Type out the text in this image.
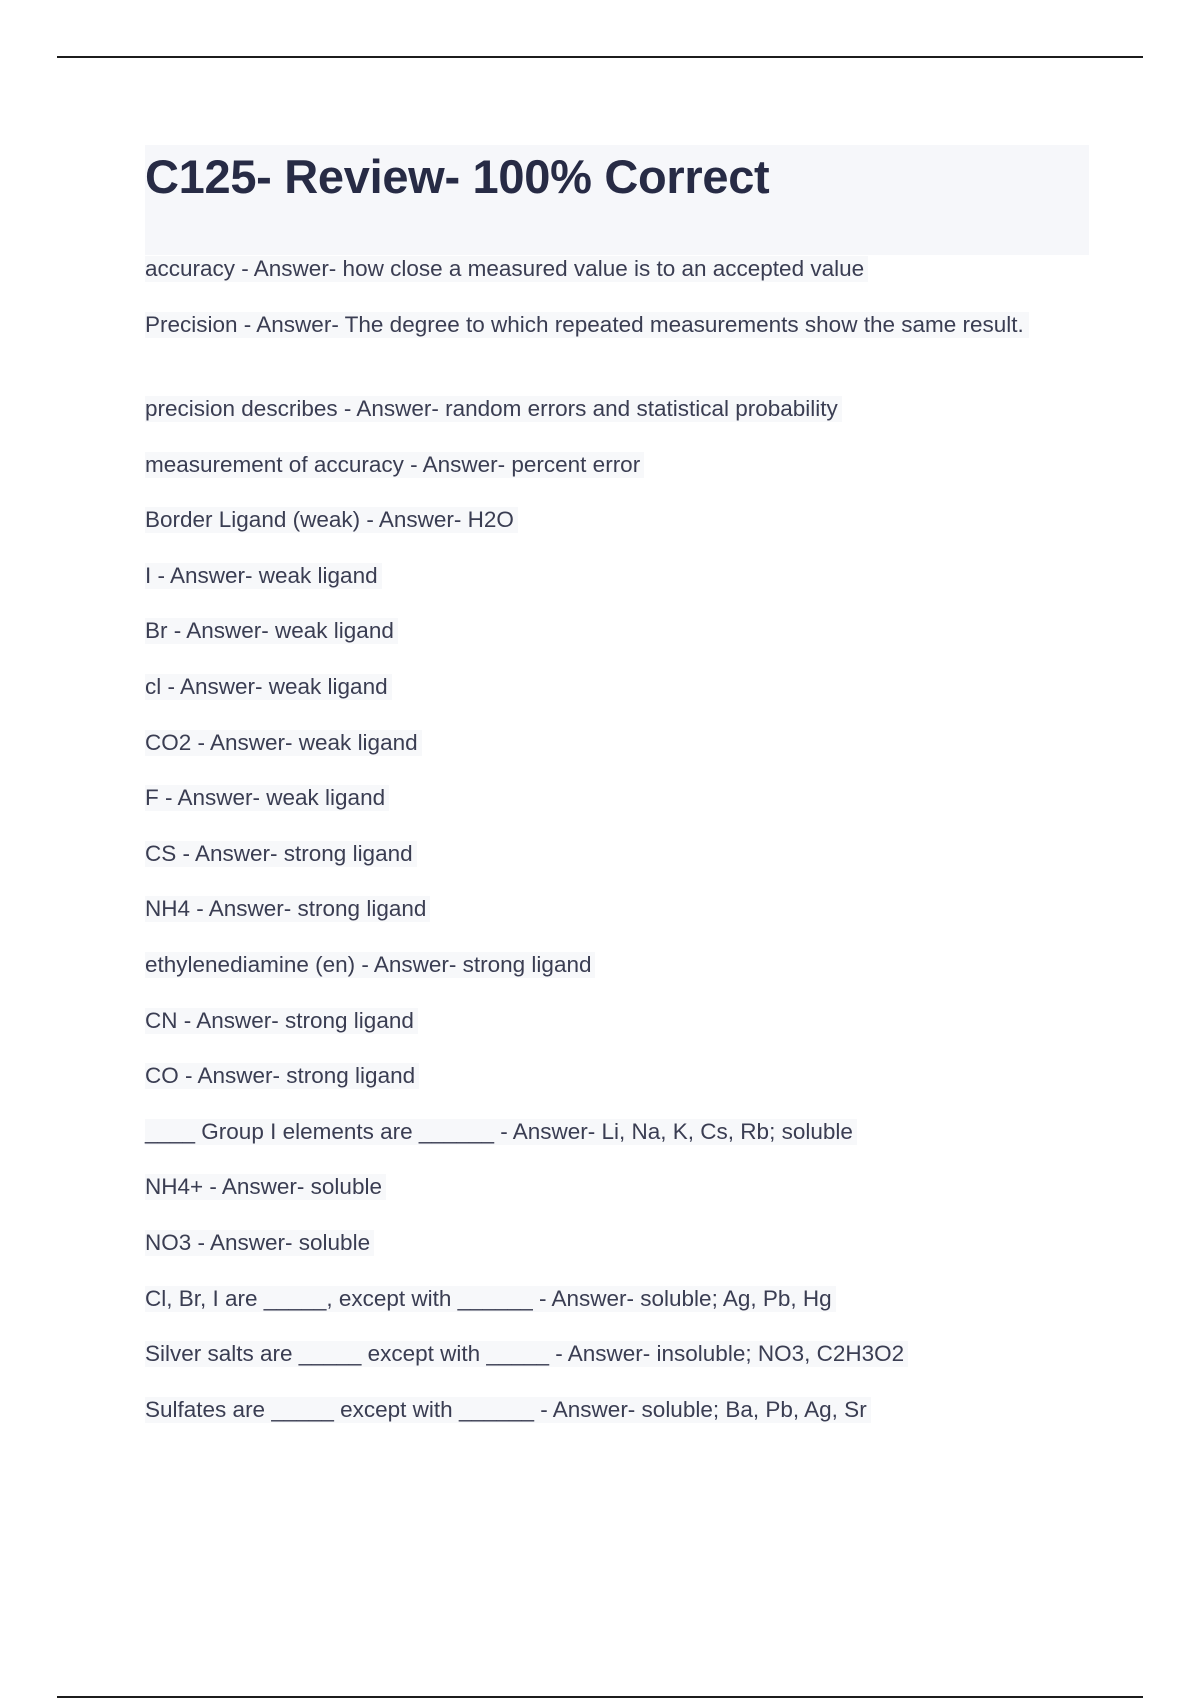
C125- Review- 100% Correct
accuracy - Answer- how close a measured value is to an accepted value
Precision - Answer- The degree to which repeated measurements show the same result.
precision describes - Answer- random errors and statistical probability
measurement of accuracy - Answer- percent error
Border Ligand (weak) - Answer- H2O
I - Answer- weak ligand
Br - Answer- weak ligand
cl - Answer- weak ligand
CO2 - Answer- weak ligand
F - Answer- weak ligand
CS - Answer- strong ligand
NH4 - Answer- strong ligand
ethylenediamine (en) - Answer- strong ligand
CN - Answer- strong ligand
CO - Answer- strong ligand
____ Group I elements are ______ - Answer- Li, Na, K, Cs, Rb; soluble
NH4+ - Answer- soluble
NO3 - Answer- soluble
Cl, Br, I are _____, except with ______ - Answer- soluble; Ag, Pb, Hg
Silver salts are _____ except with _____ - Answer- insoluble; NO3, C2H3O2
Sulfates are _____ except with ______ - Answer- soluble; Ba, Pb, Ag, Sr
